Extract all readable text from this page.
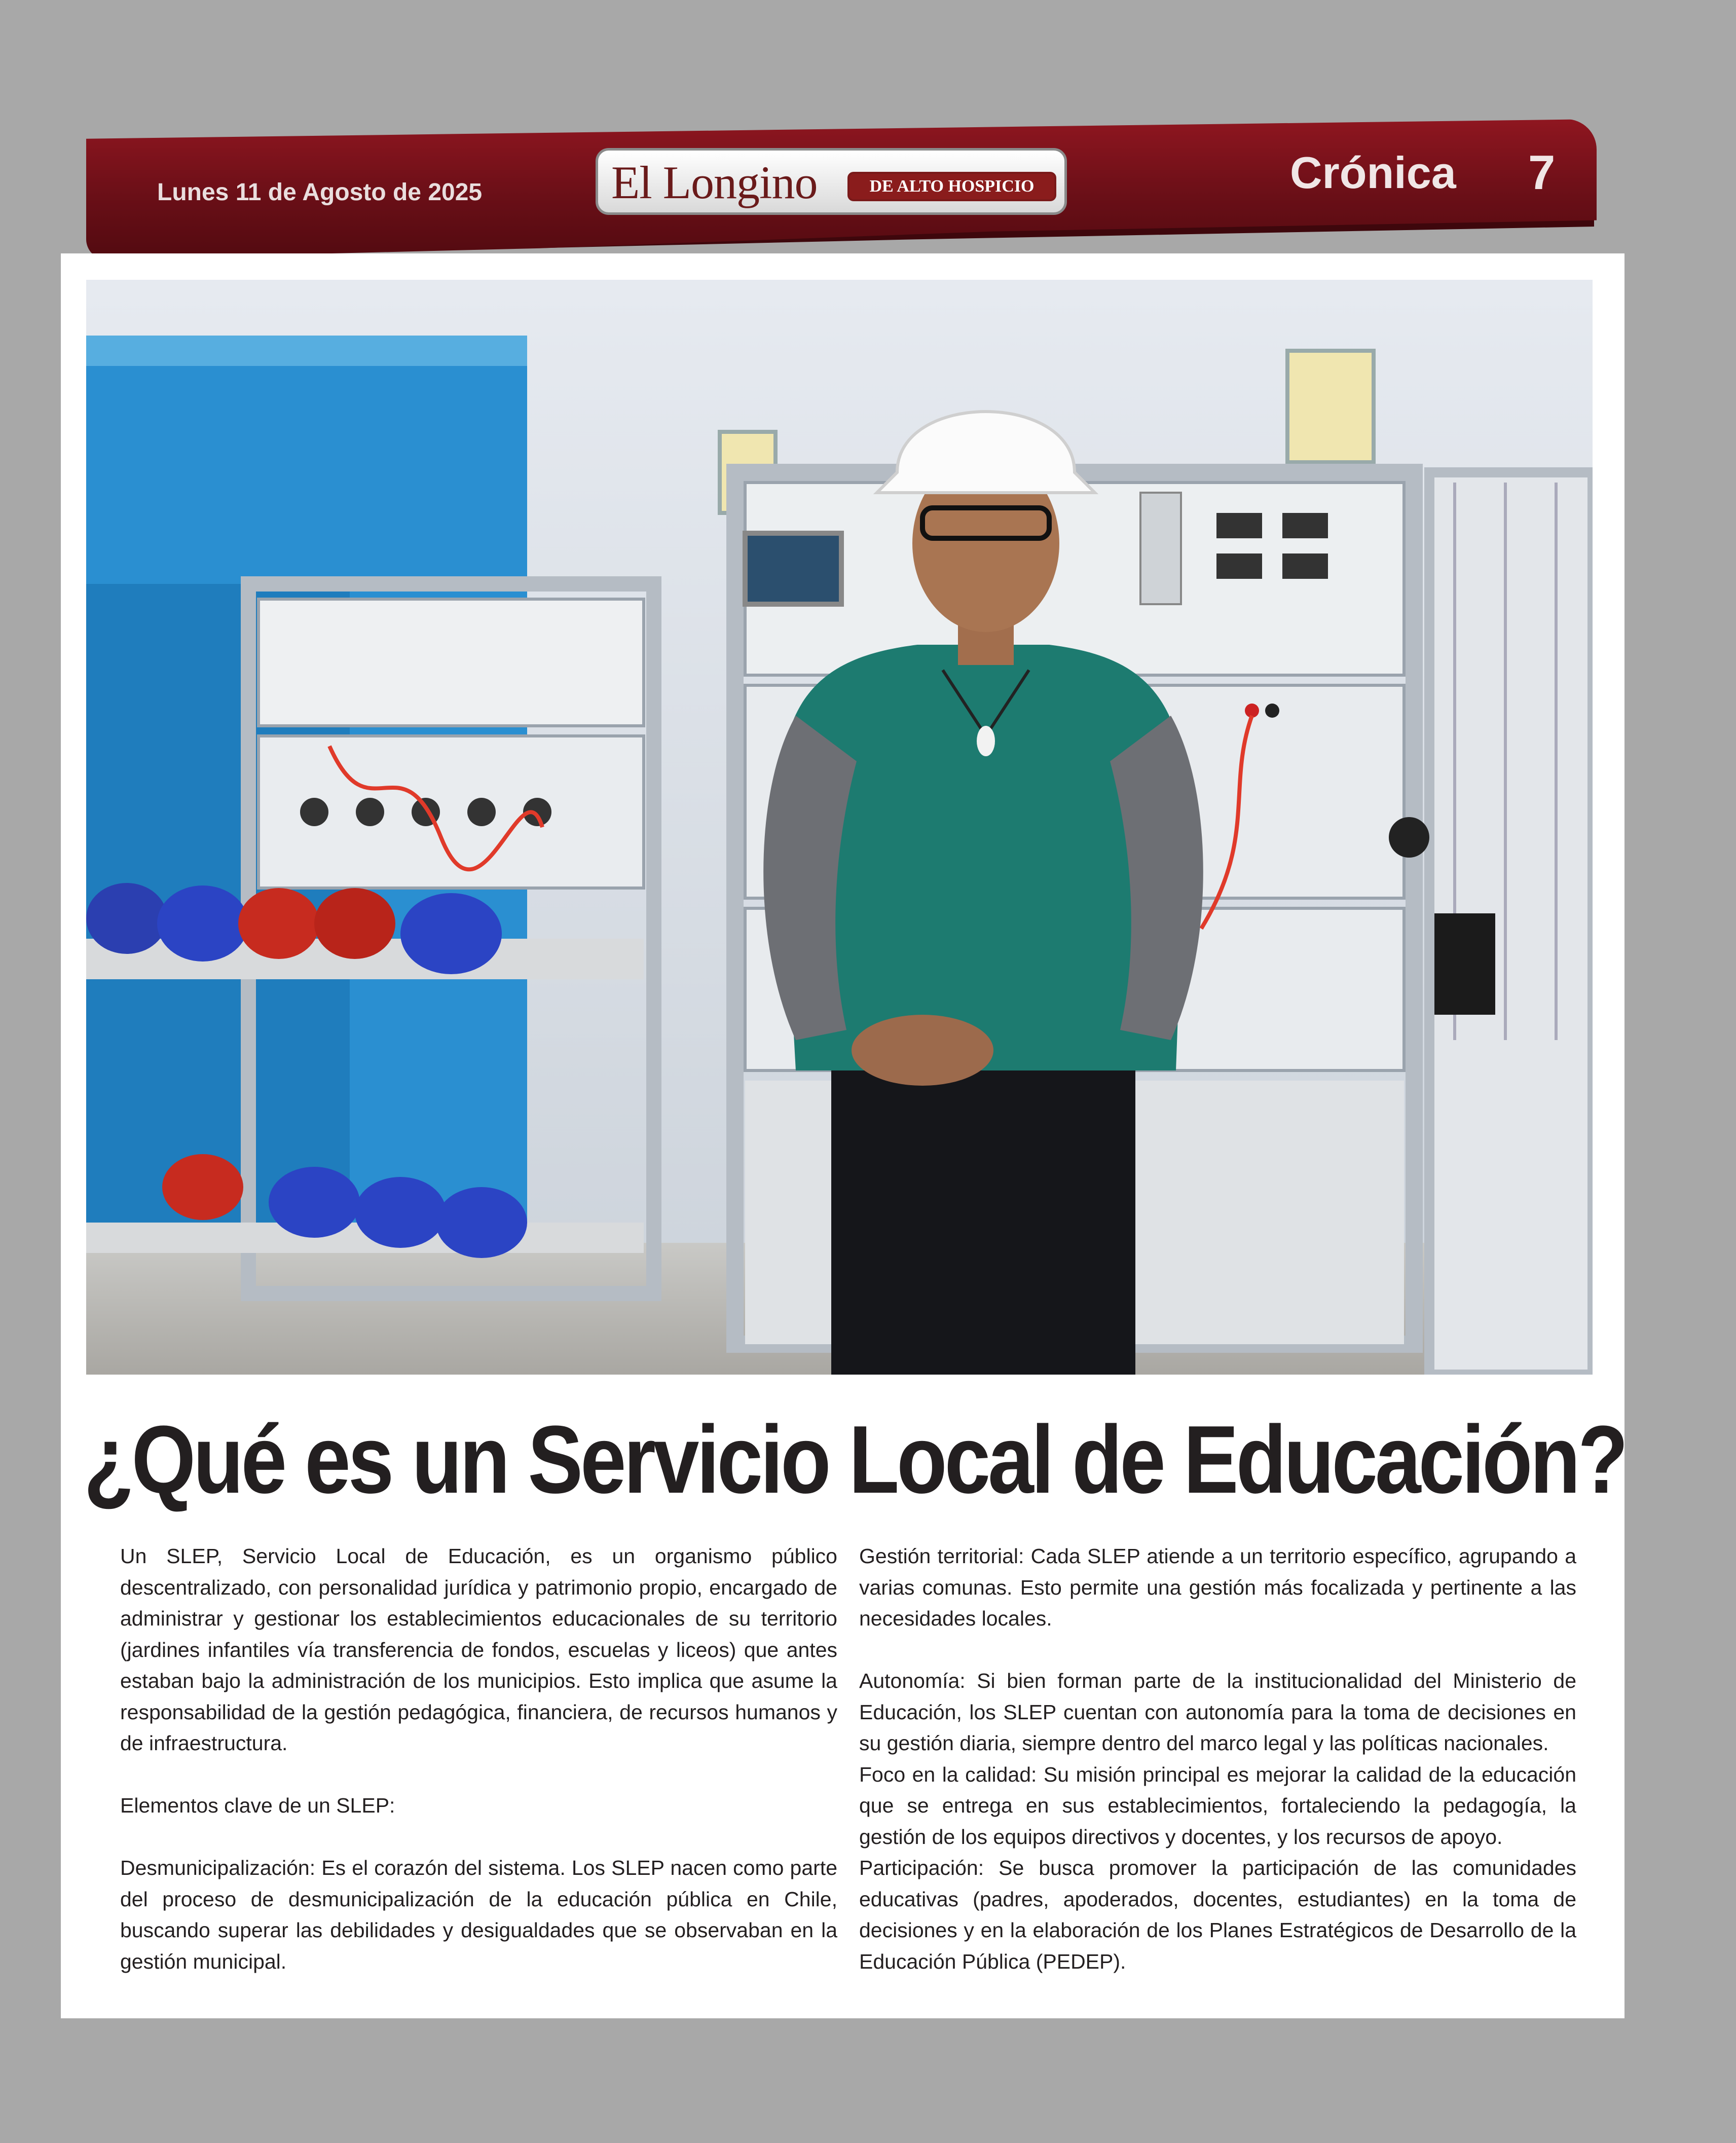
Lunes 11 de Agosto de 2025	El Longino	DE ALTO HOSPICIO	Crónica 7
¿Qué es un Servicio Local de Educación?

Un SLEP, Servicio Local de Educación, es un organismo público descentralizado, con personalidad jurídica y patrimonio propio, encargado de administrar y gestionar los establecimientos educacionales de su territorio (jardines infantiles vía transferencia de fondos, escuelas y liceos) que antes estaban bajo la administración de los municipios. Esto implica que asume la responsabilidad de la gestión pedagógica, financiera, de recursos humanos y de infraestructura.

Elementos clave de un SLEP:

Desmunicipalización: Es el corazón del sistema. Los SLEP nacen como parte del proceso de desmunicipalización de la educación pública en Chile, buscando superar las debilidades y desigualdades que se observaban en la gestión municipal.

Gestión territorial: Cada SLEP atiende a un territorio específico, agrupando a varias comunas. Esto permite una gestión más focalizada y pertinente a las necesidades locales.

Autonomía: Si bien forman parte de la institucionalidad del Ministerio de Educación, los SLEP cuentan con autonomía para la toma de decisiones en su gestión diaria, siempre dentro del marco legal y las políticas nacionales.

Foco en la calidad: Su misión principal es mejorar la calidad de la educación que se entrega en sus establecimientos, fortaleciendo la pedagogía, la gestión de los equipos directivos y docentes, y los recursos de apoyo.

Participación: Se busca promover la participación de las comunidades educativas (padres, apoderados, docentes, estudiantes) en la toma de decisiones y en la elaboración de los Planes Estratégicos de Desarrollo de la Educación Pública (PEDEP).
